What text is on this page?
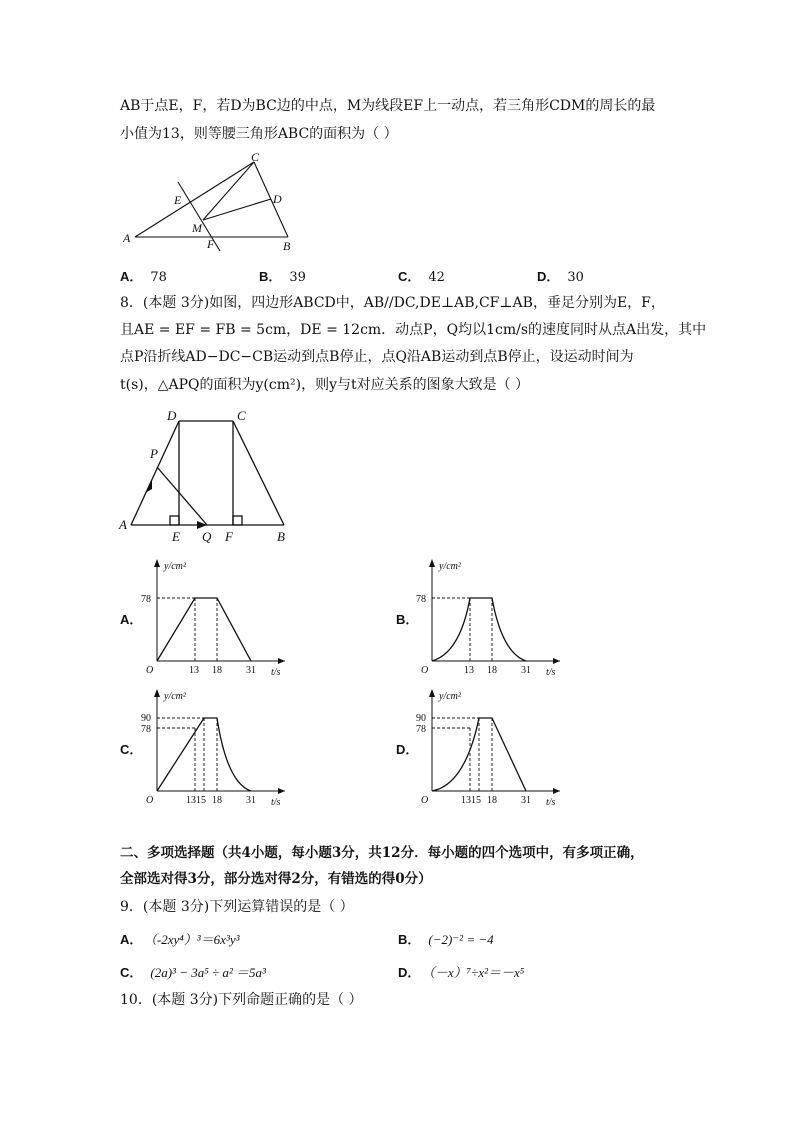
AB于点E，F，若D为BC边的中点，M为线段EF上一动点，若三角形CDM的周长的最
小值为13，则等腰三角形ABC的面积为（ ）
A
B
C
D
E
F
M
A． 78	B． 39	C． 42	D． 30
8．(本题 3分)如图，四边形ABCD中，AB//DC,DE⊥AB,CF⊥AB，垂足分别为E，F，
且AE = EF = FB = 5cm，DE = 12cm．动点P，Q均以1cm/s的速度同时从点A出发，其中
点P沿折线AD−DC−CB运动到点B停止，点Q沿AB运动到点B停止，设运动时间为
t(s)，△APQ的面积为y(cm²)，则y与t对应关系的图象大致是（ ）
A
B
C
D
E	F
P
Q
A．	B．
C．	D．
y/cm²
t/s
O
78
13 18 31
y/cm²
t/s
O
78
13 18 31
y/cm²
t/s
O
90
78
1315 18 31
y/cm²
t/s
O
90
78
1315 18 31
二、多项选择题（共4小题，每小题3分，共12分．每小题的四个选项中，有多项正确，
全部选对得3分，部分选对得2分，有错选的得0分）
9．(本题 3分)下列运算错误的是（ ）
A． （-2xy⁴）³＝6x³y³	B． (−2)⁻² = −4
C． (2a)³ − 3a⁵ ÷ a² ＝5a³	D． （－x）⁷÷x²＝－x⁵
10．(本题 3分)下列命题正确的是（ ）
